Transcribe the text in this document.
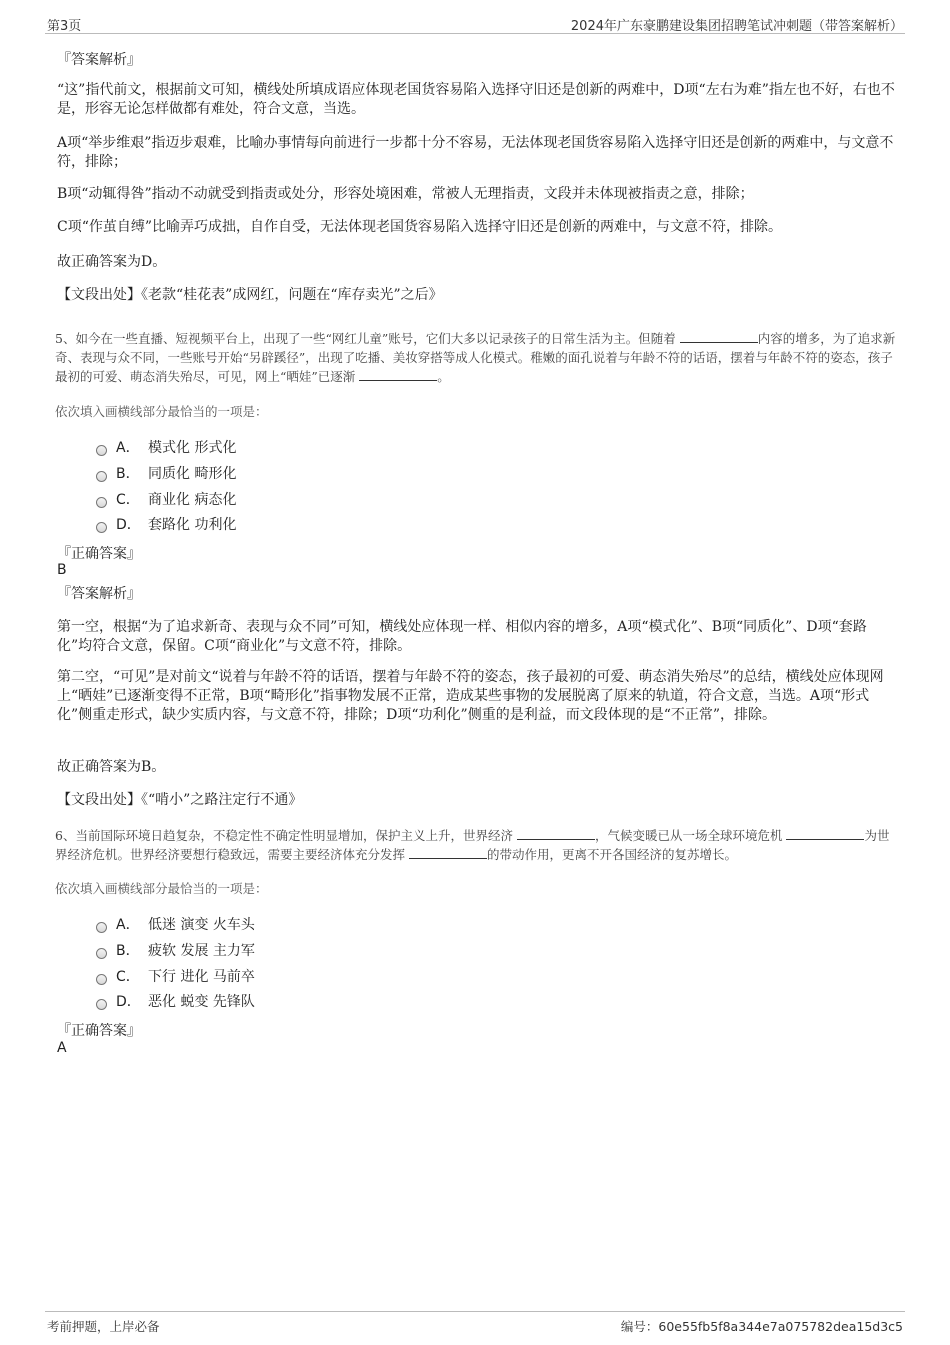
第3页	2024年广东豪鹏建设集团招聘笔试冲刺题（带答案解析）
『答案解析』
“这”指代前文，根据前文可知，横线处所填成语应体现老国货容易陷入选择守旧还是创新的两难中，D项“左右为难”指左也不好，右也不是，形容无论怎样做都有难处，符合文意，当选。
A项“举步维艰”指迈步艰难，比喻办事情每向前进行一步都十分不容易，无法体现老国货容易陷入选择守旧还是创新的两难中，与文意不符，排除；
B项“动辄得咎”指动不动就受到指责或处分，形容处境困难，常被人无理指责，文段并未体现被指责之意，排除；
C项“作茧自缚”比喻弄巧成拙，自作自受，无法体现老国货容易陷入选择守旧还是创新的两难中，与文意不符，排除。
故正确答案为D。
【文段出处】《老款“桂花表”成网红，问题在“库存卖光”之后》
5、如今在一些直播、短视频平台上，出现了一些“网红儿童”账号，它们大多以记录孩子的日常生活为主。但随着	内容的增多，为了追求新奇、表现与众不同，一些账号开始“另辟蹊径”，出现了吃播、美妆穿搭等成人化模式。稚嫩的面孔说着与年龄不符的话语，摆着与年龄不符的姿态，孩子最初的可爱、萌态消失殆尽，可见，网上“晒娃”已逐渐	。
依次填入画横线部分最恰当的一项是：
A． 模式化 形式化
B． 同质化 畸形化
C． 商业化 病态化
D． 套路化 功利化
『正确答案』
B
『答案解析』
第一空，根据“为了追求新奇、表现与众不同”可知，横线处应体现一样、相似内容的增多，A项“模式化”、B项“同质化”、D项“套路化”均符合文意，保留。C项“商业化”与文意不符，排除。
第二空，“可见”是对前文“说着与年龄不符的话语，摆着与年龄不符的姿态，孩子最初的可爱、萌态消失殆尽”的总结，横线处应体现网上“晒娃”已逐渐变得不正常，B项“畸形化”指事物发展不正常，造成某些事物的发展脱离了原来的轨道，符合文意，当选。A项“形式化”侧重走形式，缺少实质内容，与文意不符，排除；D项“功利化”侧重的是利益，而文段体现的是“不正常”，排除。
故正确答案为B。
【文段出处】《“啃小”之路注定行不通》
6、当前国际环境日趋复杂，不稳定性不确定性明显增加，保护主义上升，世界经济	，气候变暖已从一场全球环境危机	为世界经济危机。世界经济要想行稳致远，需要主要经济体充分发挥	的带动作用，更离不开各国经济的复苏增长。
依次填入画横线部分最恰当的一项是：
A． 低迷 演变 火车头
B． 疲软 发展 主力军
C． 下行 进化 马前卒
D． 恶化 蜕变 先锋队
『正确答案』
A
考前押题，上岸必备	编号：60e55fb5f8a344e7a075782dea15d3c5
